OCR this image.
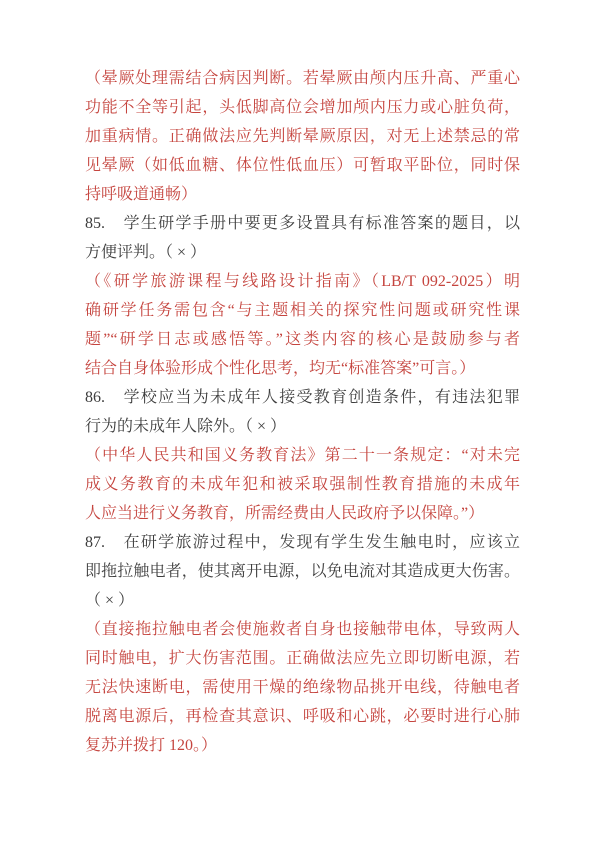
（晕厥处理需结合病因判断。若晕厥由颅内压升高、严重心
功能不全等引起，头低脚高位会增加颅内压力或心脏负荷，
加重病情。正确做法应先判断晕厥原因，对无上述禁忌的常
见晕厥（如低血糖、体位性低血压）可暂取平卧位，同时保
持呼吸道通畅）
85.　学生研学手册中要更多设置具有标准答案的题目，以
方便评判。（ × ）
（《研学旅游课程与线路设计指南》（LB/T 092-2025）明
确研学任务需包含“与主题相关的探究性问题或研究性课
题”“研学日志或感悟等。”这类内容的核心是鼓励参与者
结合自身体验形成个性化思考，均无“标准答案”可言。）
86.　学校应当为未成年人接受教育创造条件，有违法犯罪
行为的未成年人除外。（ × ）
（中华人民共和国义务教育法》第二十一条规定：“对未完
成义务教育的未成年犯和被采取强制性教育措施的未成年
人应当进行义务教育，所需经费由人民政府予以保障。”）
87.　在研学旅游过程中，发现有学生发生触电时，应该立
即拖拉触电者，使其离开电源，以免电流对其造成更大伤害。
（ × ）
（直接拖拉触电者会使施救者自身也接触带电体，导致两人
同时触电，扩大伤害范围。正确做法应先立即切断电源，若
无法快速断电，需使用干燥的绝缘物品挑开电线，待触电者
脱离电源后，再检查其意识、呼吸和心跳，必要时进行心肺
复苏并拨打 120。）
